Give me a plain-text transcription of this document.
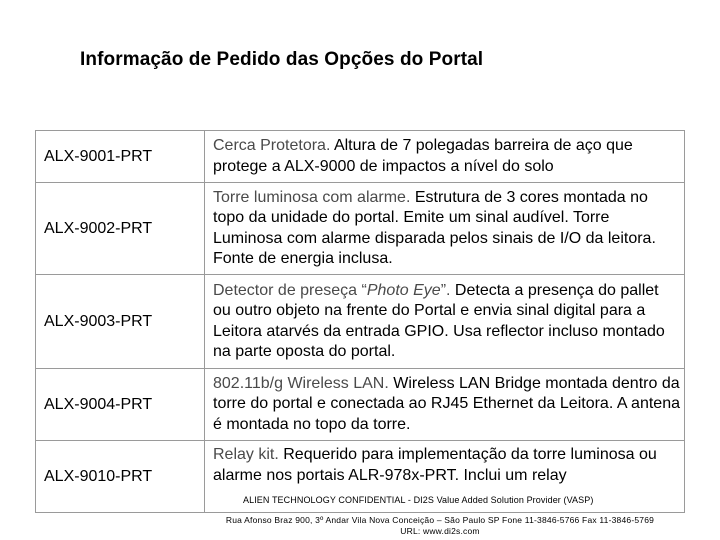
Informação de Pedido das Opções do Portal
ALX-9001-PRT	Cerca Protetora. Altura de 7 polegadas barreira de aço que protege a ALX-9000 de impactos a nível do solo
ALX-9002-PRT	Torre luminosa com alarme. Estrutura de 3 cores montada no topo da unidade do portal. Emite um sinal audível. Torre Luminosa com alarme disparada pelos sinais de I/O da leitora. Fonte de energia inclusa.
ALX-9003-PRT	Detector de preseça “Photo Eye”. Detecta a presença do pallet ou outro objeto na frente do Portal e envia sinal digital para a Leitora atarvés da entrada GPIO. Usa reflector incluso montado na parte oposta do portal.
ALX-9004-PRT	802.11b/g Wireless LAN. Wireless LAN Bridge montada dentro da torre do portal e conectada ao RJ45 Ethernet da Leitora. A antena é montada no topo da torre.
ALX-9010-PRT	Relay kit. Requerido para implementação da torre luminosa ou alarme nos portais ALR-978x-PRT. Inclui um relay
ALIEN TECHNOLOGY CONFIDENTIAL - DI2S Value Added Solution Provider (VASP)
Rua Afonso Braz 900, 3º Andar Vila Nova Conceição – São Paulo SP Fone 11-3846-5766 Fax 11-3846-5769
URL: www.di2s.com
